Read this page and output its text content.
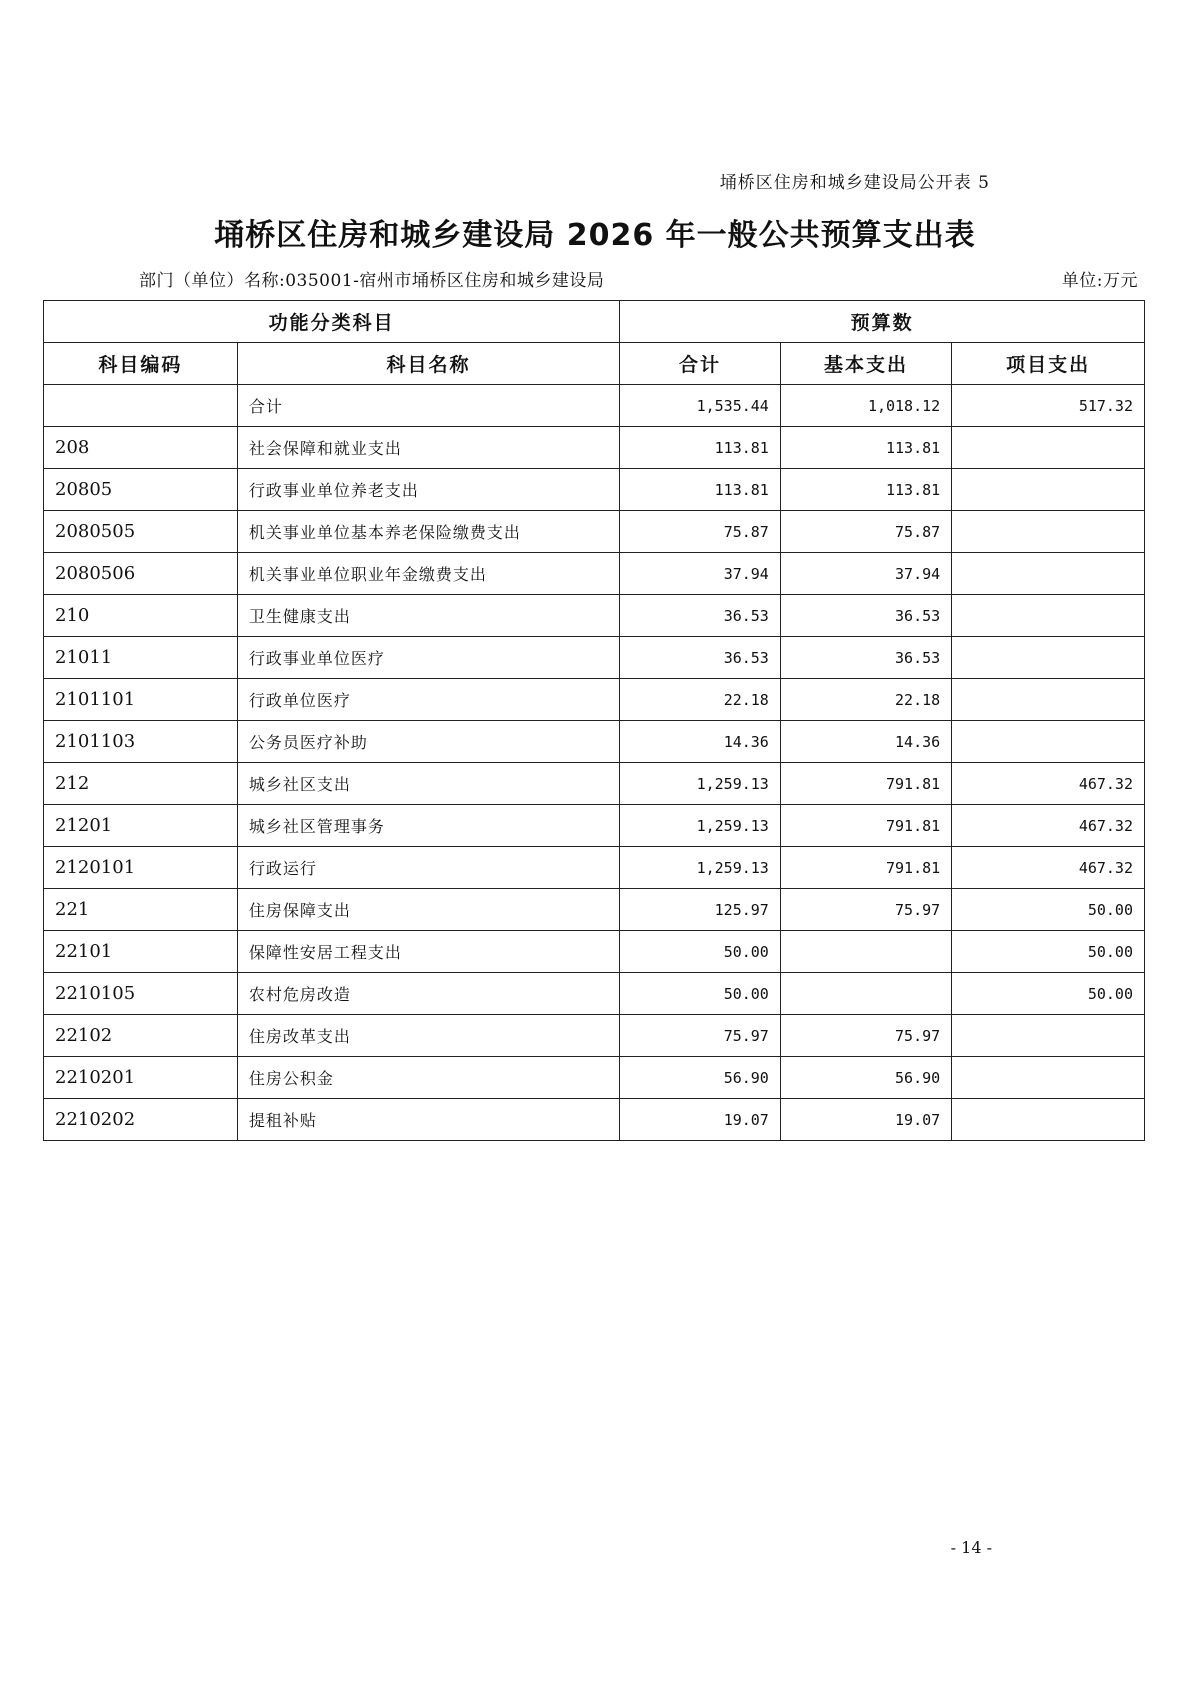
埇桥区住房和城乡建设局公开表 5
埇桥区住房和城乡建设局 2026 年一般公共预算支出表
部门（单位）名称:035001-宿州市埇桥区住房和城乡建设局	单位:万元
功能分类科目		预算数		
科目编码	科目名称	合计	基本支出	项目支出
	合计	1,535.44	1,018.12	517.32
208	社会保障和就业支出	113.81	113.81	
20805	行政事业单位养老支出	113.81	113.81	
2080505	机关事业单位基本养老保险缴费支出	75.87	75.87	
2080506	机关事业单位职业年金缴费支出	37.94	37.94	
210	卫生健康支出	36.53	36.53	
21011	行政事业单位医疗	36.53	36.53	
2101101	行政单位医疗	22.18	22.18	
2101103	公务员医疗补助	14.36	14.36	
212	城乡社区支出	1,259.13	791.81	467.32
21201	城乡社区管理事务	1,259.13	791.81	467.32
2120101	行政运行	1,259.13	791.81	467.32
221	住房保障支出	125.97	75.97	50.00
22101	保障性安居工程支出	50.00		50.00
2210105	农村危房改造	50.00		50.00
22102	住房改革支出	75.97	75.97	
2210201	住房公积金	56.90	56.90	
2210202	提租补贴	19.07	19.07	
- 14 -
